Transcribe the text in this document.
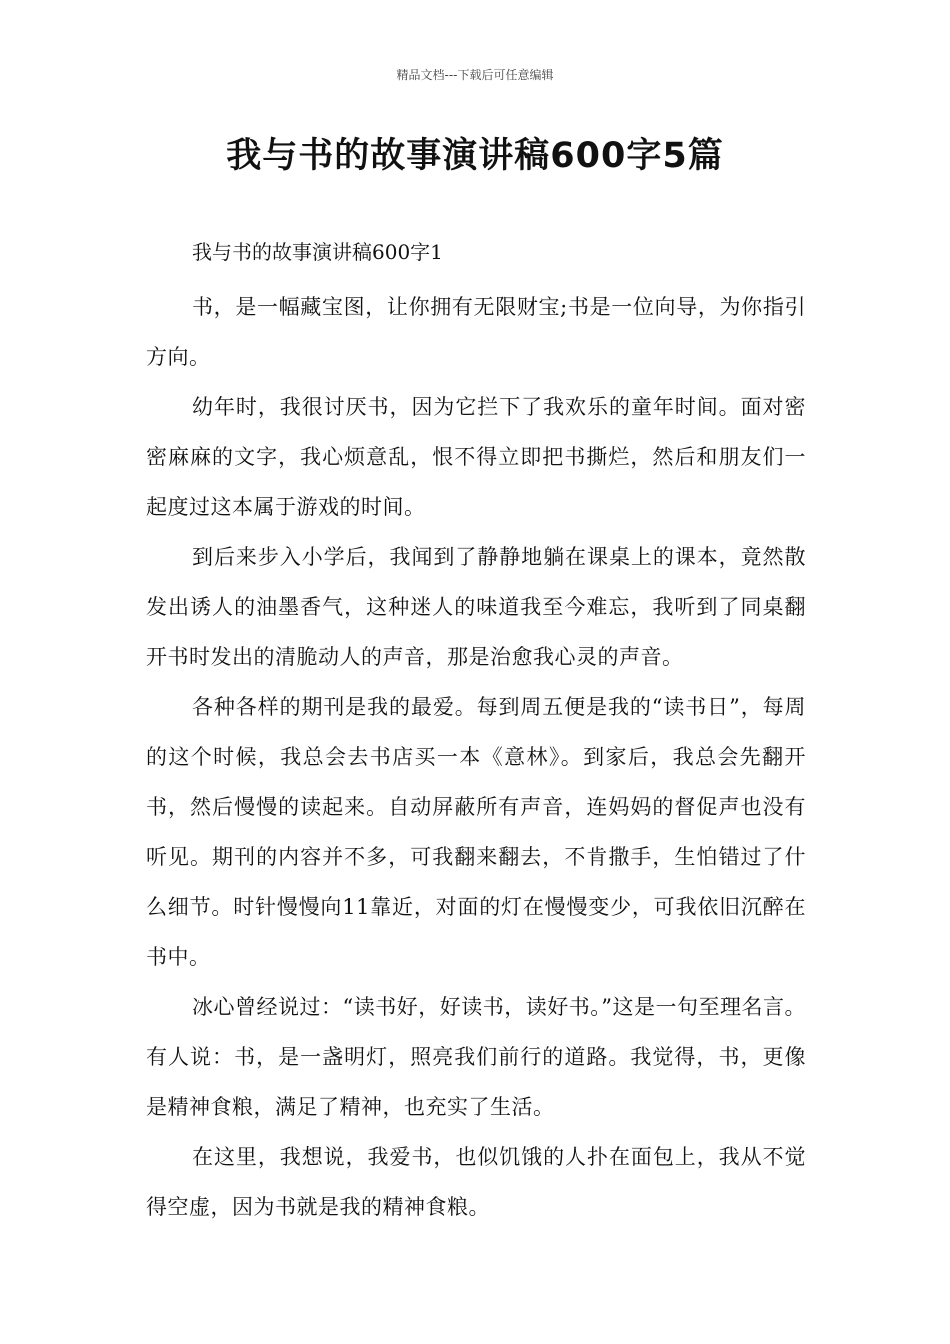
精品文档---下载后可任意编辑
我与书的故事演讲稿600字5篇

我与书的故事演讲稿600字1

书，是一幅藏宝图，让你拥有无限财宝;书是一位向导，为你指引方向。

幼年时，我很讨厌书，因为它拦下了我欢乐的童年时间。面对密密麻麻的文字，我心烦意乱，恨不得立即把书撕烂，然后和朋友们一起度过这本属于游戏的时间。

到后来步入小学后，我闻到了静静地躺在课桌上的课本，竟然散发出诱人的油墨香气，这种迷人的味道我至今难忘，我听到了同桌翻开书时发出的清脆动人的声音，那是治愈我心灵的声音。

各种各样的期刊是我的最爱。每到周五便是我的“读书日”，每周的这个时候，我总会去书店买一本《意林》。到家后，我总会先翻开书，然后慢慢的读起来。自动屏蔽所有声音，连妈妈的督促声也没有听见。期刊的内容并不多，可我翻来翻去，不肯撒手，生怕错过了什么细节。时针慢慢向11靠近，对面的灯在慢慢变少，可我依旧沉醉在书中。

冰心曾经说过：“读书好，好读书，读好书。”这是一句至理名言。有人说：书，是一盏明灯，照亮我们前行的道路。我觉得，书，更像是精神食粮，满足了精神，也充实了生活。

在这里，我想说，我爱书，也似饥饿的人扑在面包上，我从不觉得空虚，因为书就是我的精神食粮。
